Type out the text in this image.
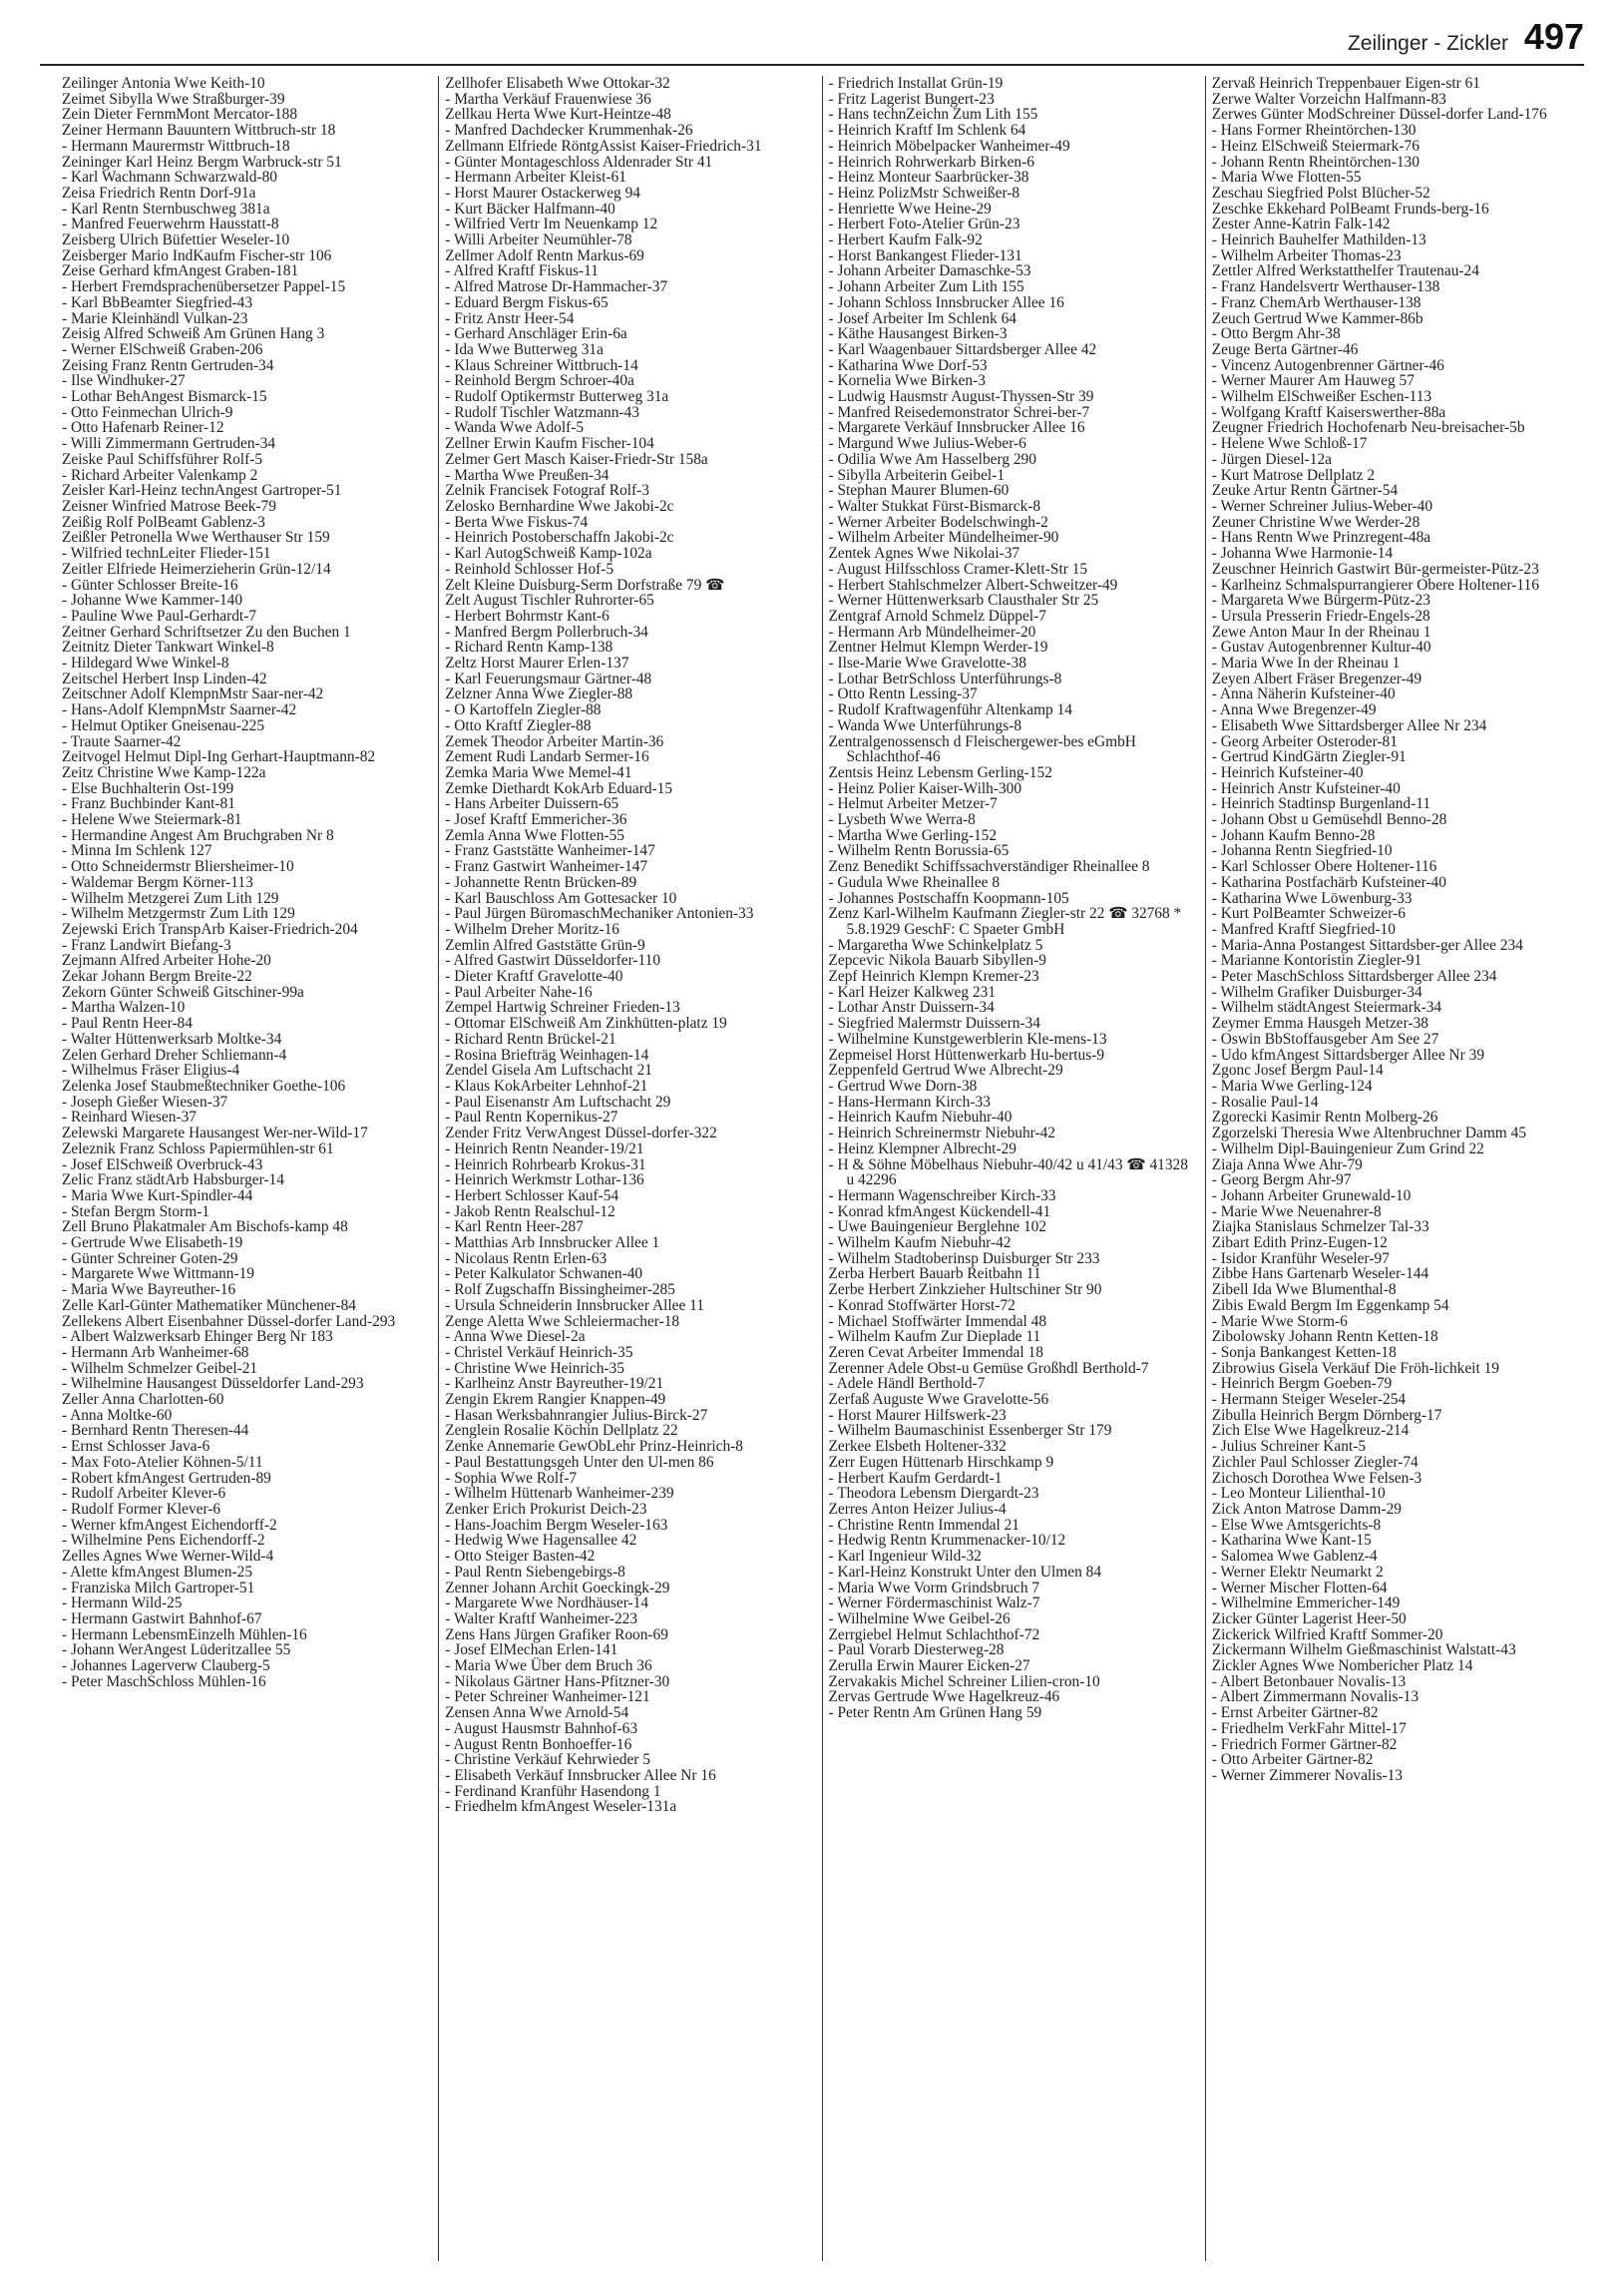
Zeilinger - Zickler 497

Zeilinger Antonia Wwe Keith-10

Zeimet Sibylla Wwe Straßburger-39

Zein Dieter FernmMont Mercator-188

Zeiner Hermann Bauuntern Wittbruch-str 18

- Hermann Maurermstr Wittbruch-18

Zeininger Karl Heinz Bergm Warbruck-str 51

- Karl Wachmann Schwarzwald-80

Zeisa Friedrich Rentn Dorf-91a

- Karl Rentn Sternbuschweg 381a

- Manfred Feuerwehrm Hausstatt-8

Zeisberg Ulrich Büfettier Weseler-10

Zeisberger Mario IndKaufm Fischer-str 106

Zeise Gerhard kfmAngest Graben-181

- Herbert Fremdsprachenübersetzer Pappel-15

- Karl BbBeamter Siegfried-43

- Marie Kleinhändl Vulkan-23

Zeisig Alfred Schweiß Am Grünen Hang 3

- Werner ElSchweiß Graben-206

Zeising Franz Rentn Gertruden-34

- Ilse Windhuker-27

- Lothar BehAngest Bismarck-15

- Otto Feinmechan Ulrich-9

- Otto Hafenarb Reiner-12

- Willi Zimmermann Gertruden-34

Zeiske Paul Schiffsführer Rolf-5

- Richard Arbeiter Valenkamp 2

Zeisler Karl-Heinz technAngest Gartroper-51

Zeisner Winfried Matrose Beek-79

Zeißig Rolf PolBeamt Gablenz-3

Zeißler Petronella Wwe Werthauser Str 159

- Wilfried technLeiter Flieder-151

Zeitler Elfriede Heimerzieherin Grün-12/14

- Günter Schlosser Breite-16

- Johanne Wwe Kammer-140

- Pauline Wwe Paul-Gerhardt-7

Zeitner Gerhard Schriftsetzer Zu den Buchen 1

Zeitnitz Dieter Tankwart Winkel-8

- Hildegard Wwe Winkel-8

Zeitschel Herbert Insp Linden-42

Zeitschner Adolf KlempnMstr Saar-ner-42

- Hans-Adolf KlempnMstr Saarner-42

- Helmut Optiker Gneisenau-225

- Traute Saarner-42

Zeitvogel Helmut Dipl-Ing Gerhart-Hauptmann-82

Zeitz Christine Wwe Kamp-122a

- Else Buchhalterin Ost-199

- Franz Buchbinder Kant-81

- Helene Wwe Steiermark-81

- Hermandine Angest Am Bruchgraben Nr 8

- Minna Im Schlenk 127

- Otto Schneidermstr Bliersheimer-10

- Waldemar Bergm Körner-113

- Wilhelm Metzgerei Zum Lith 129

- Wilhelm Metzgermstr Zum Lith 129

Zejewski Erich TranspArb Kaiser-Friedrich-204

- Franz Landwirt Biefang-3

Zejmann Alfred Arbeiter Hohe-20

Zekar Johann Bergm Breite-22

Zekorn Günter Schweiß Gitschiner-99a

- Martha Walzen-10

- Paul Rentn Heer-84

- Walter Hüttenwerksarb Moltke-34

Zelen Gerhard Dreher Schliemann-4

- Wilhelmus Fräser Eligius-4

Zelenka Josef Staubmeßtechniker Goethe-106

- Joseph Gießer Wiesen-37

- Reinhard Wiesen-37

Zelewski Margarete Hausangest Wer-ner-Wild-17

Zeleznik Franz Schloss Papiermühlen-str 61

- Josef ElSchweiß Overbruck-43

Zelic Franz städtArb Habsburger-14

- Maria Wwe Kurt-Spindler-44

- Stefan Bergm Storm-1

Zell Bruno Plakatmaler Am Bischofs-kamp 48

- Gertrude Wwe Elisabeth-19

- Günter Schreiner Goten-29

- Margarete Wwe Wittmann-19

- Maria Wwe Bayreuther-16

Zelle Karl-Günter Mathematiker Münchener-84

Zellekens Albert Eisenbahner Düssel-dorfer Land-293

- Albert Walzwerksarb Ehinger Berg Nr 183

- Hermann Arb Wanheimer-68

- Wilhelm Schmelzer Geibel-21

- Wilhelmine Hausangest Düsseldorfer Land-293

Zeller Anna Charlotten-60

- Anna Moltke-60

- Bernhard Rentn Theresen-44

- Ernst Schlosser Java-6

- Max Foto-Atelier Köhnen-5/11

- Robert kfmAngest Gertruden-89

- Rudolf Arbeiter Klever-6

- Rudolf Former Klever-6

- Werner kfmAngest Eichendorff-2

- Wilhelmine Pens Eichendorff-2

Zelles Agnes Wwe Werner-Wild-4

- Alette kfmAngest Blumen-25

- Franziska Milch Gartroper-51

- Hermann Wild-25

- Hermann Gastwirt Bahnhof-67

- Hermann LebensmEinzelh Mühlen-16

- Johann WerAngest Lüderitzallee 55

- Johannes Lagerverw Clauberg-5

- Peter MaschSchloss Mühlen-16

Zellhofer Elisabeth Wwe Ottokar-32

- Martha Verkäuf Frauenwiese 36

Zellkau Herta Wwe Kurt-Heintze-48

- Manfred Dachdecker Krummenhak-26

Zellmann Elfriede RöntgAssist Kaiser-Friedrich-31

- Günter Montageschloss Aldenrader Str 41

- Hermann Arbeiter Kleist-61

- Horst Maurer Ostackerweg 94

- Kurt Bäcker Halfmann-40

- Wilfried Vertr Im Neuenkamp 12

- Willi Arbeiter Neumühler-78

Zellmer Adolf Rentn Markus-69

- Alfred Kraftf Fiskus-11

- Alfred Matrose Dr-Hammacher-37

- Eduard Bergm Fiskus-65

- Fritz Anstr Heer-54

- Gerhard Anschläger Erin-6a

- Ida Wwe Butterweg 31a

- Klaus Schreiner Wittbruch-14

- Reinhold Bergm Schroer-40a

- Rudolf Optikermstr Butterweg 31a

- Rudolf Tischler Watzmann-43

- Wanda Wwe Adolf-5

Zellner Erwin Kaufm Fischer-104

Zelmer Gert Masch Kaiser-Friedr-Str 158a

- Martha Wwe Preußen-34

Zelnik Francisek Fotograf Rolf-3

Zelosko Bernhardine Wwe Jakobi-2c

- Berta Wwe Fiskus-74

- Heinrich Postoberschaffn Jakobi-2c

- Karl AutogSchweiß Kamp-102a

- Reinhold Schlosser Hof-5

Zelt Kleine Duisburg-Serm Dorfstraße 79 ☎

Zelt August Tischler Ruhrorter-65

- Herbert Bohrmstr Kant-6

- Manfred Bergm Pollerbruch-34

- Richard Rentn Kamp-138

Zeltz Horst Maurer Erlen-137

- Karl Feuerungsmaur Gärtner-48

Zelzner Anna Wwe Ziegler-88

- O Kartoffeln Ziegler-88

- Otto Kraftf Ziegler-88

Zemek Theodor Arbeiter Martin-36

Zement Rudi Landarb Sermer-16

Zemka Maria Wwe Memel-41

Zemke Diethardt KokArb Eduard-15

- Hans Arbeiter Duissern-65

- Josef Kraftf Emmericher-36

Zemla Anna Wwe Flotten-55

- Franz Gaststätte Wanheimer-147

- Franz Gastwirt Wanheimer-147

- Johannette Rentn Brücken-89

- Karl Bauschloss Am Gottesacker 10

- Paul Jürgen BüromaschMechaniker Antonien-33

- Wilhelm Dreher Moritz-16

Zemlin Alfred Gaststätte Grün-9

- Alfred Gastwirt Düsseldorfer-110

- Dieter Kraftf Gravelotte-40

- Paul Arbeiter Nahe-16

Zempel Hartwig Schreiner Frieden-13

- Ottomar ElSchweiß Am Zinkhütten-platz 19

- Richard Rentn Brückel-21

- Rosina Briefträg Weinhagen-14

Zendel Gisela Am Luftschacht 21

- Klaus KokArbeiter Lehnhof-21

- Paul Eisenanstr Am Luftschacht 29

- Paul Rentn Kopernikus-27

Zender Fritz VerwAngest Düssel-dorfer-322

- Heinrich Rentn Neander-19/21

- Heinrich Rohrbearb Krokus-31

- Heinrich Werkmstr Lothar-136

- Herbert Schlosser Kauf-54

- Jakob Rentn Realschul-12

- Karl Rentn Heer-287

- Matthias Arb Innsbrucker Allee 1

- Nicolaus Rentn Erlen-63

- Peter Kalkulator Schwanen-40

- Rolf Zugschaffn Bissingheimer-285

- Ursula Schneiderin Innsbrucker Allee 11

Zenge Aletta Wwe Schleiermacher-18

- Anna Wwe Diesel-2a

- Christel Verkäuf Heinrich-35

- Christine Wwe Heinrich-35

- Karlheinz Anstr Bayreuther-19/21

Zengin Ekrem Rangier Knappen-49

- Hasan Werksbahnrangier Julius-Birck-27

Zenglein Rosalie Köchin Dellplatz 22

Zenke Annemarie GewObLehr Prinz-Heinrich-8

- Paul Bestattungsgeh Unter den Ul-men 86

- Sophia Wwe Rolf-7

- Wilhelm Hüttenarb Wanheimer-239

Zenker Erich Prokurist Deich-23

- Hans-Joachim Bergm Weseler-163

- Hedwig Wwe Hagensallee 42

- Otto Steiger Basten-42

- Paul Rentn Siebengebirgs-8

Zenner Johann Archit Goeckingk-29

- Margarete Wwe Nordhäuser-14

- Walter Kraftf Wanheimer-223

Zens Hans Jürgen Grafiker Roon-69

- Josef ElMechan Erlen-141

- Maria Wwe Über dem Bruch 36

- Nikolaus Gärtner Hans-Pfitzner-30

- Peter Schreiner Wanheimer-121

Zensen Anna Wwe Arnold-54

- August Hausmstr Bahnhof-63

- August Rentn Bonhoeffer-16

- Christine Verkäuf Kehrwieder 5

- Elisabeth Verkäuf Innsbrucker Allee Nr 16

- Ferdinand Kranführ Hasendong 1

- Friedhelm kfmAngest Weseler-131a

- Friedrich Installat Grün-19

- Fritz Lagerist Bungert-23

- Hans technZeichn Zum Lith 155

- Heinrich Kraftf Im Schlenk 64

- Heinrich Möbelpacker Wanheimer-49

- Heinrich Rohrwerkarb Birken-6

- Heinz Monteur Saarbrücker-38

- Heinz PolizMstr Schweißer-8

- Henriette Wwe Heine-29

- Herbert Foto-Atelier Grün-23

- Herbert Kaufm Falk-92

- Horst Bankangest Flieder-131

- Johann Arbeiter Damaschke-53

- Johann Arbeiter Zum Lith 155

- Johann Schloss Innsbrucker Allee 16

- Josef Arbeiter Im Schlenk 64

- Käthe Hausangest Birken-3

- Karl Waagenbauer Sittardsberger Allee 42

- Katharina Wwe Dorf-53

- Kornelia Wwe Birken-3

- Ludwig Hausmstr August-Thyssen-Str 39

- Manfred Reisedemonstrator Schrei-ber-7

- Margarete Verkäuf Innsbrucker Allee 16

- Margund Wwe Julius-Weber-6

- Odilia Wwe Am Hasselberg 290

- Sibylla Arbeiterin Geibel-1

- Stephan Maurer Blumen-60

- Walter Stukkat Fürst-Bismarck-8

- Werner Arbeiter Bodelschwingh-2

- Wilhelm Arbeiter Mündelheimer-90

Zentek Agnes Wwe Nikolai-37

- August Hilfsschloss Cramer-Klett-Str 15

- Herbert Stahlschmelzer Albert-Schweitzer-49

- Werner Hüttenwerksarb Clausthaler Str 25

Zentgraf Arnold Schmelz Düppel-7

- Hermann Arb Mündelheimer-20

Zentner Helmut Klempn Werder-19

- Ilse-Marie Wwe Gravelotte-38

- Lothar BetrSchloss Unterführungs-8

- Otto Rentn Lessing-37

- Rudolf Kraftwagenführ Altenkamp 14

- Wanda Wwe Unterführungs-8

Zentralgenossensch d Fleischergewer-bes eGmbH Schlachthof-46

Zentsis Heinz Lebensm Gerling-152

- Heinz Polier Kaiser-Wilh-300

- Helmut Arbeiter Metzer-7

- Lysbeth Wwe Werra-8

- Martha Wwe Gerling-152

- Wilhelm Rentn Borussia-65

Zenz Benedikt Schiffssachverständiger Rheinallee 8

- Gudula Wwe Rheinallee 8

- Johannes Postschaffn Koopmann-105

Zenz Karl-Wilhelm Kaufmann Ziegler-str 22 ☎ 32768 * 5.8.1929 GeschF: C Spaeter GmbH

- Margaretha Wwe Schinkelplatz 5

Zepcevic Nikola Bauarb Sibyllen-9

Zepf Heinrich Klempn Kremer-23

- Karl Heizer Kalkweg 231

- Lothar Anstr Duissern-34

- Siegfried Malermstr Duissern-34

- Wilhelmine Kunstgewerblerin Kle-mens-13

Zepmeisel Horst Hüttenwerkarb Hu-bertus-9

Zeppenfeld Gertrud Wwe Albrecht-29

- Gertrud Wwe Dorn-38

- Hans-Hermann Kirch-33

- Heinrich Kaufm Niebuhr-40

- Heinrich Schreinermstr Niebuhr-42

- Heinz Klempner Albrecht-29

- H & Söhne Möbelhaus Niebuhr-40/42 u 41/43 ☎ 41328 u 42296

- Hermann Wagenschreiber Kirch-33

- Konrad kfmAngest Kückendell-41

- Uwe Bauingenieur Berglehne 102

- Wilhelm Kaufm Niebuhr-42

- Wilhelm Stadtoberinsp Duisburger Str 233

Zerba Herbert Bauarb Reitbahn 11

Zerbe Herbert Zinkzieher Hultschiner Str 90

- Konrad Stoffwärter Horst-72

- Michael Stoffwärter Immendal 48

- Wilhelm Kaufm Zur Dieplade 11

Zeren Cevat Arbeiter Immendal 18

Zerenner Adele Obst-u Gemüse Großhdl Berthold-7

- Adele Händl Berthold-7

Zerfaß Auguste Wwe Gravelotte-56

- Horst Maurer Hilfswerk-23

- Wilhelm Baumaschinist Essenberger Str 179

Zerkee Elsbeth Holtener-332

Zerr Eugen Hüttenarb Hirschkamp 9

- Herbert Kaufm Gerdardt-1

- Theodora Lebensm Diergardt-23

Zerres Anton Heizer Julius-4

- Christine Rentn Immendal 21

- Hedwig Rentn Krummenacker-10/12

- Karl Ingenieur Wild-32

- Karl-Heinz Konstrukt Unter den Ulmen 84

- Maria Wwe Vorm Grindsbruch 7

- Werner Fördermaschinist Walz-7

- Wilhelmine Wwe Geibel-26

Zerrgiebel Helmut Schlachthof-72

- Paul Vorarb Diesterweg-28

Zerulla Erwin Maurer Eicken-27

Zervakakis Michel Schreiner Lilien-cron-10

Zervas Gertrude Wwe Hagelkreuz-46

- Peter Rentn Am Grünen Hang 59

Zervaß Heinrich Treppenbauer Eigen-str 61

Zerwe Walter Vorzeichn Halfmann-83

Zerwes Günter ModSchreiner Düssel-dorfer Land-176

- Hans Former Rheintörchen-130

- Heinz ElSchweiß Steiermark-76

- Johann Rentn Rheintörchen-130

- Maria Wwe Flotten-55

Zeschau Siegfried Polst Blücher-52

Zeschke Ekkehard PolBeamt Frunds-berg-16

Zester Anne-Katrin Falk-142

- Heinrich Bauhelfer Mathilden-13

- Wilhelm Arbeiter Thomas-23

Zettler Alfred Werkstatthelfer Trautenau-24

- Franz Handelsvertr Werthauser-138

- Franz ChemArb Werthauser-138

Zeuch Gertrud Wwe Kammer-86b

- Otto Bergm Ahr-38

Zeuge Berta Gärtner-46

- Vincenz Autogenbrenner Gärtner-46

- Werner Maurer Am Hauweg 57

- Wilhelm ElSchweißer Eschen-113

- Wolfgang Kraftf Kaiserswerther-88a

Zeugner Friedrich Hochofenarb Neu-breisacher-5b

- Helene Wwe Schloß-17

- Jürgen Diesel-12a

- Kurt Matrose Dellplatz 2

Zeuke Artur Rentn Gärtner-54

- Werner Schreiner Julius-Weber-40

Zeuner Christine Wwe Werder-28

- Hans Rentn Wwe Prinzregent-48a

- Johanna Wwe Harmonie-14

Zeuschner Heinrich Gastwirt Bür-germeister-Pütz-23

- Karlheinz Schmalspurrangierer Obere Holtener-116

- Margareta Wwe Bürgerm-Pütz-23

- Ursula Presserin Friedr-Engels-28

Zewe Anton Maur In der Rheinau 1

- Gustav Autogenbrenner Kultur-40

- Maria Wwe In der Rheinau 1

Zeyen Albert Fräser Bregenzer-49

- Anna Näherin Kufsteiner-40

- Anna Wwe Bregenzer-49

- Elisabeth Wwe Sittardsberger Allee Nr 234

- Georg Arbeiter Osteroder-81

- Gertrud KindGärtn Ziegler-91

- Heinrich Kufsteiner-40

- Heinrich Anstr Kufsteiner-40

- Heinrich Stadtinsp Burgenland-11

- Johann Obst u Gemüsehdl Benno-28

- Johann Kaufm Benno-28

- Johanna Rentn Siegfried-10

- Karl Schlosser Obere Holtener-116

- Katharina Postfachärb Kufsteiner-40

- Katharina Wwe Löwenburg-33

- Kurt PolBeamter Schweizer-6

- Manfred Kraftf Siegfried-10

- Maria-Anna Postangest Sittardsber-ger Allee 234

- Marianne Kontoristin Ziegler-91

- Peter MaschSchloss Sittardsberger Allee 234

- Wilhelm Grafiker Duisburger-34

- Wilhelm städtAngest Steiermark-34

Zeymer Emma Hausgeh Metzer-38

- Oswin BbStoffausgeber Am See 27

- Udo kfmAngest Sittardsberger Allee Nr 39

Zgonc Josef Bergm Paul-14

- Maria Wwe Gerling-124

- Rosalie Paul-14

Zgorecki Kasimir Rentn Molberg-26

Zgorzelski Theresia Wwe Altenbruchner Damm 45

- Wilhelm Dipl-Bauingenieur Zum Grind 22

Ziaja Anna Wwe Ahr-79

- Georg Bergm Ahr-97

- Johann Arbeiter Grunewald-10

- Marie Wwe Neuenahrer-8

Ziajka Stanislaus Schmelzer Tal-33

Zibart Edith Prinz-Eugen-12

- Isidor Kranführ Weseler-97

Zibbe Hans Gartenarb Weseler-144

Zibell Ida Wwe Blumenthal-8

Zibis Ewald Bergm Im Eggenkamp 54

- Marie Wwe Storm-6

Zibolowsky Johann Rentn Ketten-18

- Sonja Bankangest Ketten-18

Zibrowius Gisela Verkäuf Die Fröh-lichkeit 19

- Heinrich Bergm Goeben-79

- Hermann Steiger Weseler-254

Zibulla Heinrich Bergm Dörnberg-17

Zich Else Wwe Hagelkreuz-214

- Julius Schreiner Kant-5

Zichler Paul Schlosser Ziegler-74

Zichosch Dorothea Wwe Felsen-3

- Leo Monteur Lilienthal-10

Zick Anton Matrose Damm-29

- Else Wwe Amtsgerichts-8

- Katharina Wwe Kant-15

- Salomea Wwe Gablenz-4

- Werner Elektr Neumarkt 2

- Werner Mischer Flotten-64

- Wilhelmine Emmericher-149

Zicker Günter Lagerist Heer-50

Zickerick Wilfried Kraftf Sommer-20

Zickermann Wilhelm Gießmaschinist Walstatt-43

Zickler Agnes Wwe Nombericher Platz 14

- Albert Betonbauer Novalis-13

- Albert Zimmermann Novalis-13

- Ernst Arbeiter Gärtner-82

- Friedhelm VerkFahr Mittel-17

- Friedrich Former Gärtner-82

- Otto Arbeiter Gärtner-82

- Werner Zimmerer Novalis-13
